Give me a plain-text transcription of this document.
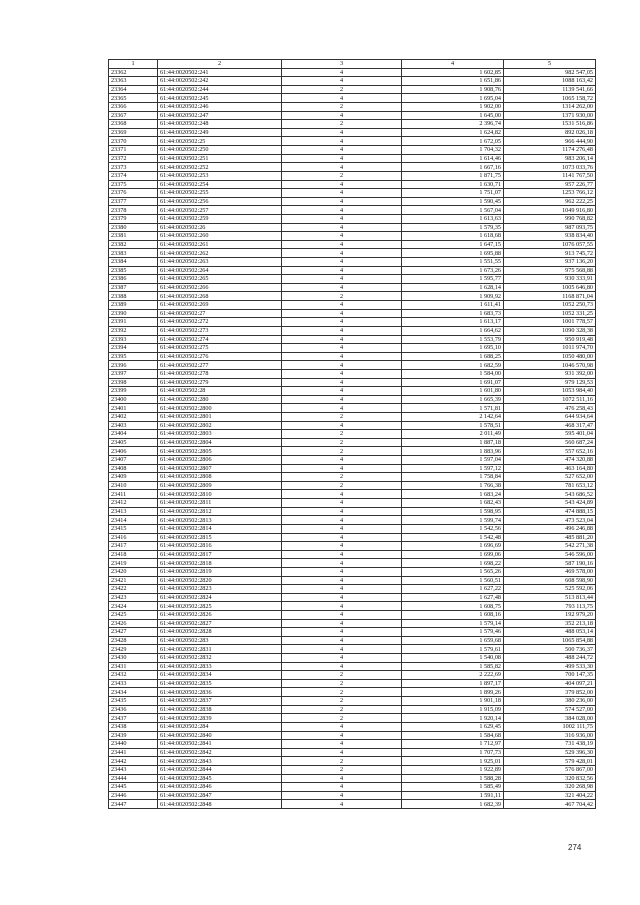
1	2	3	4	5
23362	61:44:0020502:241	4	1 602,85	982 547,05
23363	61:44:0020502:242	4	1 651,86	1088 163,42
23364	61:44:0020502:244	2	1 908,76	1139 541,66
23365	61:44:0020502:245	4	1 695,04	1065 158,72
23366	61:44:0020502:246	2	1 902,00	1314 262,00
23367	61:44:0020502:247	4	1 645,00	1371 930,00
23368	61:44:0020502:248	2	2 396,74	1531 516,86
23369	61:44:0020502:249	4	1 624,82	892 026,18
23370	61:44:0020502:25	4	1 672,05	966 444,90
23371	61:44:0020502:250	4	1 704,32	1174 276,48
23372	61:44:0020502:251	4	1 614,46	983 206,14
23373	61:44:0020502:252	4	1 667,16	1073 033,76
23374	61:44:0020502:253	2	1 871,75	1141 767,50
23375	61:44:0020502:254	4	1 630,71	957 226,77
23376	61:44:0020502:255	4	1 751,07	1253 766,12
23377	61:44:0020502:256	4	1 590,45	962 222,25
23378	61:44:0020502:257	4	1 567,04	1049 916,80
23379	61:44:0020502:259	4	1 613,63	990 768,82
23380	61:44:0020502:26	4	1 579,35	987 093,75
23381	61:44:0020502:260	4	1 618,68	938 834,40
23382	61:44:0020502:261	4	1 647,15	1076 057,55
23383	61:44:0020502:262	4	1 695,88	913 745,72
23384	61:44:0020502:263	4	1 551,55	937 136,20
23385	61:44:0020502:264	4	1 673,26	975 568,88
23386	61:44:0020502:265	4	1 595,77	930 333,91
23387	61:44:0020502:266	4	1 628,14	1005 646,80
23388	61:44:0020502:268	2	1 909,92	1168 871,04
23389	61:44:0020502:269	4	1 611,41	1052 250,73
23390	61:44:0020502:27	4	1 683,73	1052 331,25
23391	61:44:0020502:272	4	1 613,17	1001 778,57
23392	61:44:0020502:273	4	1 664,62	1090 328,38
23393	61:44:0020502:274	4	1 553,79	950 919,48
23394	61:44:0020502:275	4	1 695,10	1011 974,70
23395	61:44:0020502:276	4	1 688,25	1050 480,00
23396	61:44:0020502:277	4	1 682,59	1046 570,98
23397	61:44:0020502:278	4	1 584,00	931 392,00
23398	61:44:0020502:279	4	1 691,07	979 129,53
23399	61:44:0020502:28	4	1 601,80	1053 984,40
23400	61:44:0020502:280	4	1 665,39	1072 511,16
23401	61:44:0020502:2800	4	1 571,81	476 258,43
23402	61:44:0020502:2801	2	2 142,64	644 934,64
23403	61:44:0020502:2802	4	1 578,51	468 317,47
23404	61:44:0020502:2803	2	2 011,49	595 401,04
23405	61:44:0020502:2804	2	1 887,18	560 687,24
23406	61:44:0020502:2805	2	1 883,96	557 652,16
23407	61:44:0020502:2806	4	1 597,04	474 320,88
23408	61:44:0020502:2807	4	1 597,12	463 164,80
23409	61:44:0020502:2808	2	1 758,84	527 652,00
23410	61:44:0020502:2809	2	1 766,38	781 653,12
23411	61:44:0020502:2810	4	1 683,24	543 686,52
23412	61:44:0020502:2811	4	1 682,43	543 424,89
23413	61:44:0020502:2812	4	1 598,95	474 888,15
23414	61:44:0020502:2813	4	1 599,74	473 523,04
23415	61:44:0020502:2814	4	1 542,56	496 246,88
23416	61:44:0020502:2815	4	1 542,48	485 881,20
23417	61:44:0020502:2816	4	1 696,69	542 271,38
23418	61:44:0020502:2817	4	1 699,06	546 596,00
23419	61:44:0020502:2818	4	1 698,22	587 190,16
23420	61:44:0020502:2819	4	1 565,26	469 578,00
23421	61:44:0020502:2820	4	1 560,51	608 598,90
23422	61:44:0020502:2823	4	1 627,22	525 592,06
23423	61:44:0020502:2824	4	1 627,48	513 813,44
23424	61:44:0020502:2825	4	1 608,75	793 113,75
23425	61:44:0020502:2826	4	1 608,16	192 979,20
23426	61:44:0020502:2827	4	1 579,14	352 213,18
23427	61:44:0020502:2828	4	1 579,46	488 053,14
23428	61:44:0020502:283	4	1 659,68	1065 854,88
23429	61:44:0020502:2831	4	1 579,61	500 736,37
23430	61:44:0020502:2832	4	1 540,08	488 244,72
23431	61:44:0020502:2833	4	1 585,82	499 533,30
23432	61:44:0020502:2834	2	2 222,69	700 147,35
23433	61:44:0020502:2835	2	1 897,17	404 097,21
23434	61:44:0020502:2836	2	1 899,26	379 852,00
23435	61:44:0020502:2837	2	1 901,18	380 236,00
23436	61:44:0020502:2838	2	1 915,09	574 527,00
23437	61:44:0020502:2839	2	1 920,14	384 028,00
23438	61:44:0020502:284	4	1 629,45	1002 111,75
23439	61:44:0020502:2840	4	1 584,68	316 936,00
23440	61:44:0020502:2841	4	1 712,97	731 438,19
23441	61:44:0020502:2842	4	1 707,73	529 396,30
23442	61:44:0020502:2843	2	1 925,01	579 428,01
23443	61:44:0020502:2844	2	1 922,89	576 867,00
23444	61:44:0020502:2845	4	1 588,28	320 832,56
23445	61:44:0020502:2846	4	1 585,49	320 268,98
23446	61:44:0020502:2847	4	1 591,11	321 404,22
23447	61:44:0020502:2848	4	1 682,39	467 704,42
274
